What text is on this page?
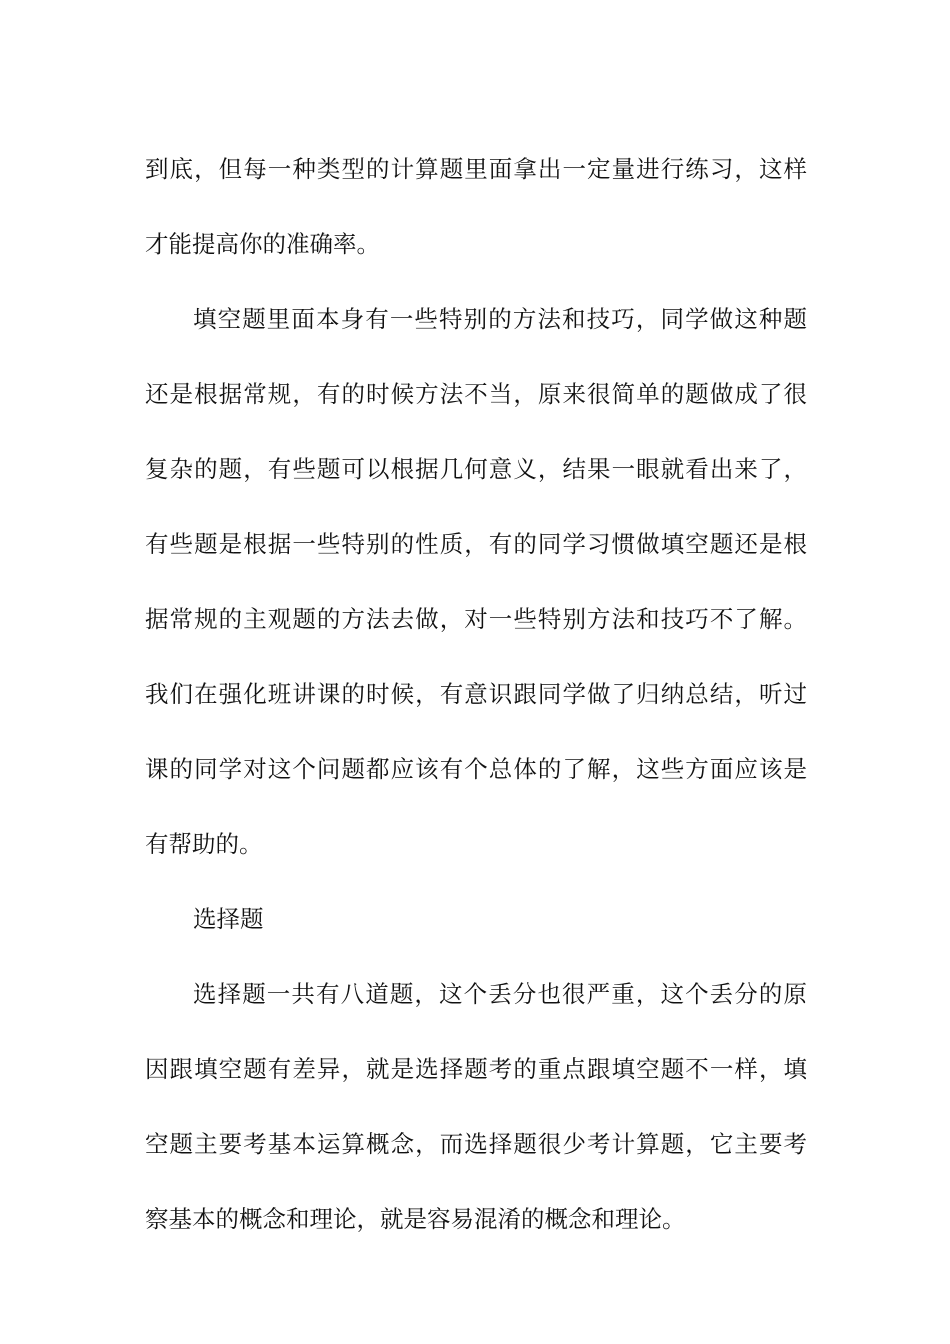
到底，但每一种类型的计算题里面拿出一定量进行练习，这样
才能提高你的准确率。
填空题里面本身有一些特别的方法和技巧，同学做这种题
还是根据常规，有的时候方法不当，原来很简单的题做成了很
复杂的题，有些题可以根据几何意义，结果一眼就看出来了，
有些题是根据一些特别的性质，有的同学习惯做填空题还是根
据常规的主观题的方法去做，对一些特别方法和技巧不了解。
我们在强化班讲课的时候，有意识跟同学做了归纳总结，听过
课的同学对这个问题都应该有个总体的了解，这些方面应该是
有帮助的。
选择题
选择题一共有八道题，这个丢分也很严重，这个丢分的原
因跟填空题有差异，就是选择题考的重点跟填空题不一样，填
空题主要考基本运算概念，而选择题很少考计算题，它主要考
察基本的概念和理论，就是容易混淆的概念和理论。
